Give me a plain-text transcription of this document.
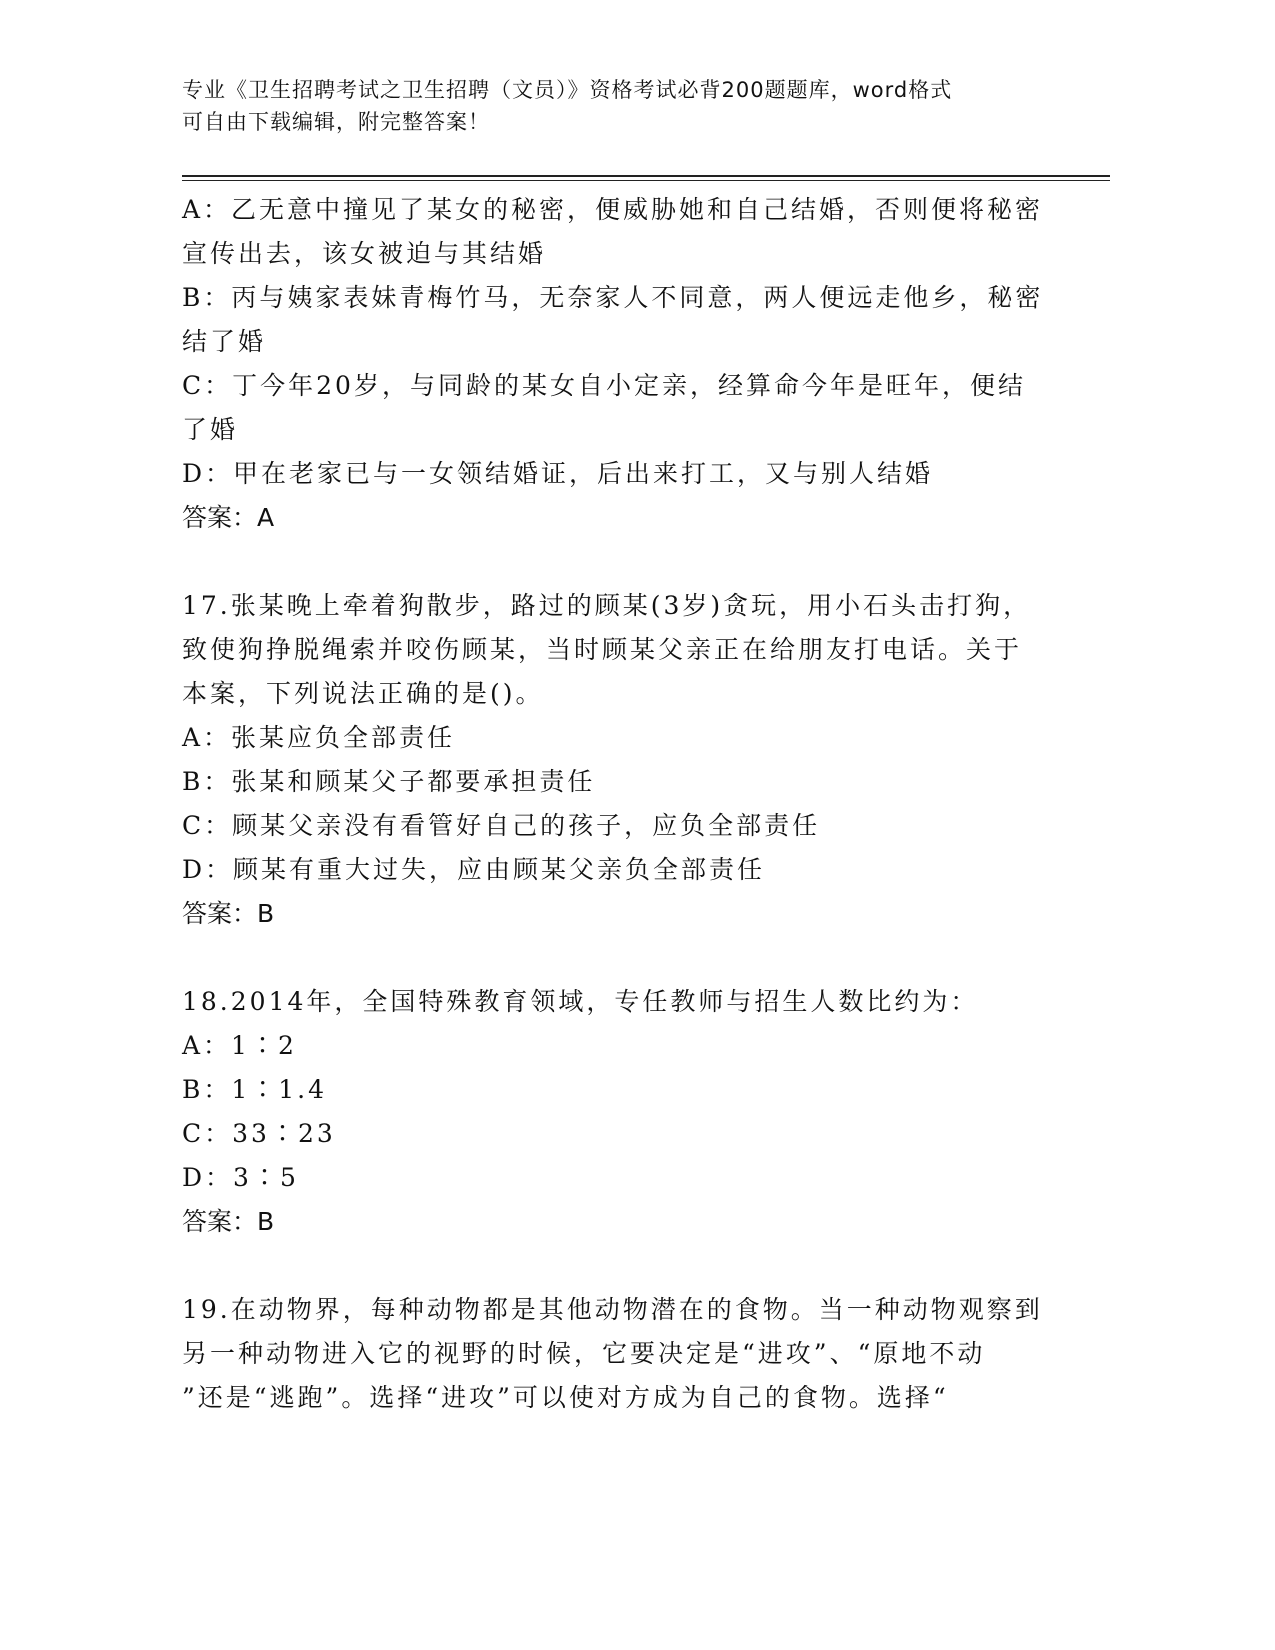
专业《卫生招聘考试之卫生招聘（文员）》资格考试必背200题题库，word格式
可自由下载编辑，附完整答案！
A：乙无意中撞见了某女的秘密，便威胁她和自己结婚，否则便将秘密
宣传出去，该女被迫与其结婚
B：丙与姨家表妹青梅竹马，无奈家人不同意，两人便远走他乡，秘密
结了婚
C：丁今年20岁，与同龄的某女自小定亲，经算命今年是旺年，便结
了婚
D：甲在老家已与一女领结婚证，后出来打工，又与别人结婚
答案：A
17.张某晚上牵着狗散步，路过的顾某(3岁)贪玩，用小石头击打狗，
致使狗挣脱绳索并咬伤顾某，当时顾某父亲正在给朋友打电话。关于
本案，下列说法正确的是()。
A：张某应负全部责任
B：张某和顾某父子都要承担责任
C：顾某父亲没有看管好自己的孩子，应负全部责任
D：顾某有重大过失，应由顾某父亲负全部责任
答案：B
18.2014年，全国特殊教育领域，专任教师与招生人数比约为：
A：1∶2
B：1∶1.4
C：33∶23
D：3∶5
答案：B
19.在动物界，每种动物都是其他动物潜在的食物。当一种动物观察到
另一种动物进入它的视野的时候，它要决定是“进攻”、“原地不动
”还是“逃跑”。选择“进攻”可以使对方成为自己的食物。选择“
